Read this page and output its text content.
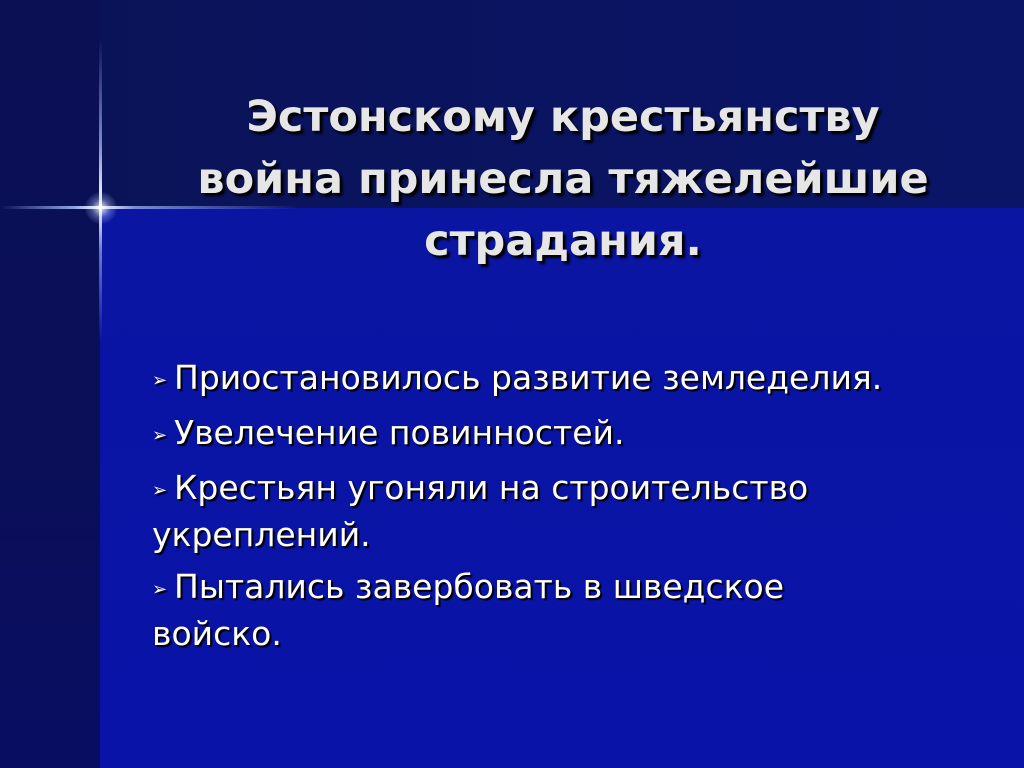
Эстонскому крестьянству
война принесла тяжелейшие
страдания.
➢ Приостановилось развитие земледелия.
➢ Увелечение повинностей.
➢ Крестьян угоняли на строительство укреплений.
➢ Пытались завербовать в шведское войско.
